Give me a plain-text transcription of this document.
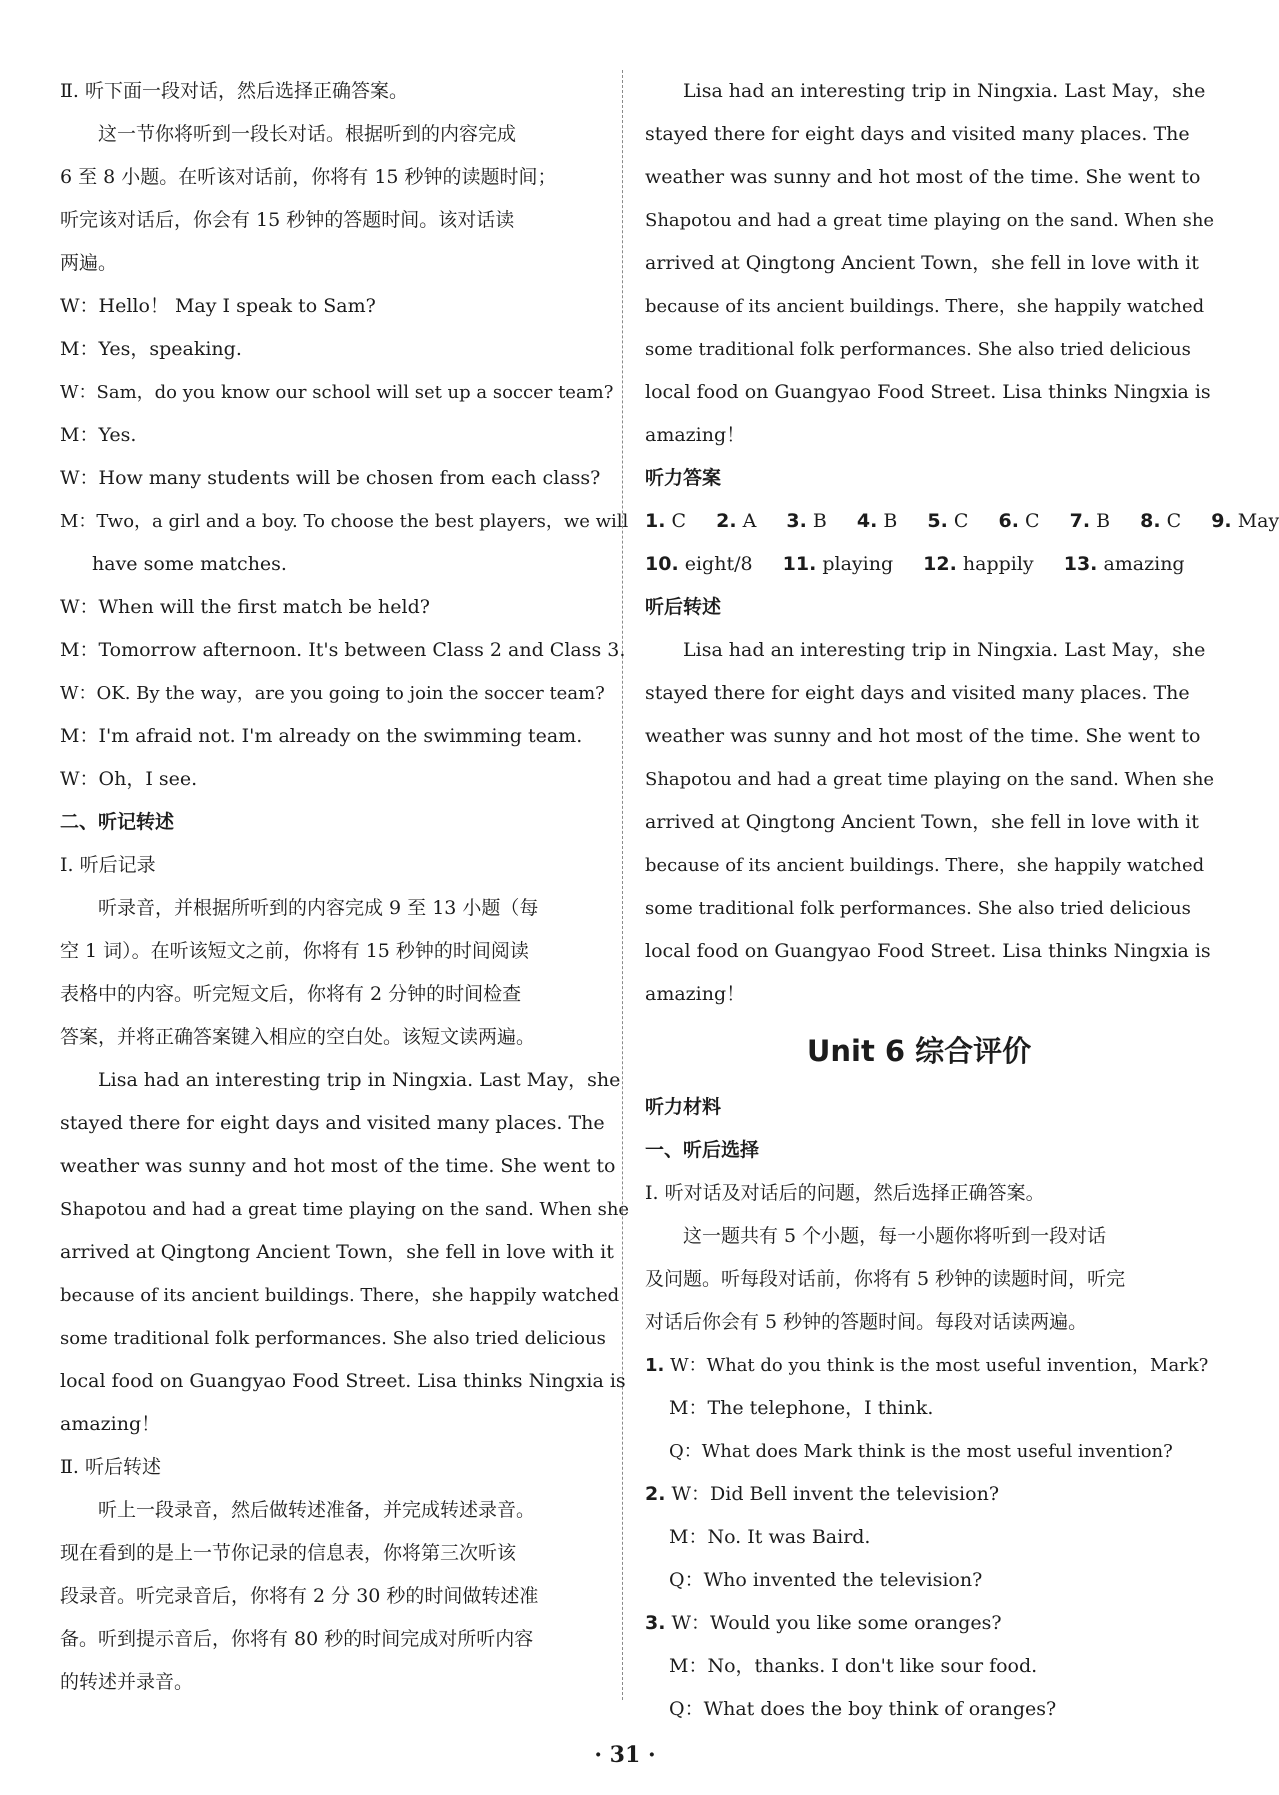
Ⅱ. 听下面一段对话，然后选择正确答案。
这一节你将听到一段长对话。根据听到的内容完成
6 至 8 小题。在听该对话前，你将有 15 秒钟的读题时间；
听完该对话后，你会有 15 秒钟的答题时间。该对话读
两遍。
W：Hello！ May I speak to Sam?
M：Yes，speaking.
W：Sam，do you know our school will set up a soccer team?
M：Yes.
W：How many students will be chosen from each class?
M：Two，a girl and a boy. To choose the best players，we will
have some matches.
W：When will the first match be held?
M：Tomorrow afternoon. It's between Class 2 and Class 3.
W：OK. By the way，are you going to join the soccer team?
M：I'm afraid not. I'm already on the swimming team.
W：Oh，I see.
二、听记转述
Ⅰ. 听后记录
听录音，并根据所听到的内容完成 9 至 13 小题（每
空 1 词）。在听该短文之前，你将有 15 秒钟的时间阅读
表格中的内容。听完短文后，你将有 2 分钟的时间检查
答案，并将正确答案键入相应的空白处。该短文读两遍。
Lisa had an interesting trip in Ningxia. Last May，she
stayed there for eight days and visited many places. The
weather was sunny and hot most of the time. She went to
Shapotou and had a great time playing on the sand. When she
arrived at Qingtong Ancient Town，she fell in love with it
because of its ancient buildings. There，she happily watched
some traditional folk performances. She also tried delicious
local food on Guangyao Food Street. Lisa thinks Ningxia is
amazing！
Ⅱ. 听后转述
听上一段录音，然后做转述准备，并完成转述录音。
现在看到的是上一节你记录的信息表，你将第三次听该
段录音。听完录音后，你将有 2 分 30 秒的时间做转述准
备。听到提示音后，你将有 80 秒的时间完成对所听内容
的转述并录音。
Lisa had an interesting trip in Ningxia. Last May，she
stayed there for eight days and visited many places. The
weather was sunny and hot most of the time. She went to
Shapotou and had a great time playing on the sand. When she
arrived at Qingtong Ancient Town，she fell in love with it
because of its ancient buildings. There，she happily watched
some traditional folk performances. She also tried delicious
local food on Guangyao Food Street. Lisa thinks Ningxia is
amazing！
听力答案
1. C 2. A 3. B 4. B 5. C 6. C 7. B 8. C 9. May
10. eight/8 11. playing 12. happily 13. amazing
听后转述
Lisa had an interesting trip in Ningxia. Last May，she
stayed there for eight days and visited many places. The
weather was sunny and hot most of the time. She went to
Shapotou and had a great time playing on the sand. When she
arrived at Qingtong Ancient Town，she fell in love with it
because of its ancient buildings. There，she happily watched
some traditional folk performances. She also tried delicious
local food on Guangyao Food Street. Lisa thinks Ningxia is
amazing！
Unit 6 综合评价
听力材料
一、听后选择
Ⅰ. 听对话及对话后的问题，然后选择正确答案。
这一题共有 5 个小题，每一小题你将听到一段对话
及问题。听每段对话前，你将有 5 秒钟的读题时间，听完
对话后你会有 5 秒钟的答题时间。每段对话读两遍。
1. W：What do you think is the most useful invention，Mark?
M：The telephone，I think.
Q：What does Mark think is the most useful invention?
2. W：Did Bell invent the television?
M：No. It was Baird.
Q：Who invented the television?
3. W：Would you like some oranges?
M：No，thanks. I don't like sour food.
Q：What does the boy think of oranges?
· 31 ·
